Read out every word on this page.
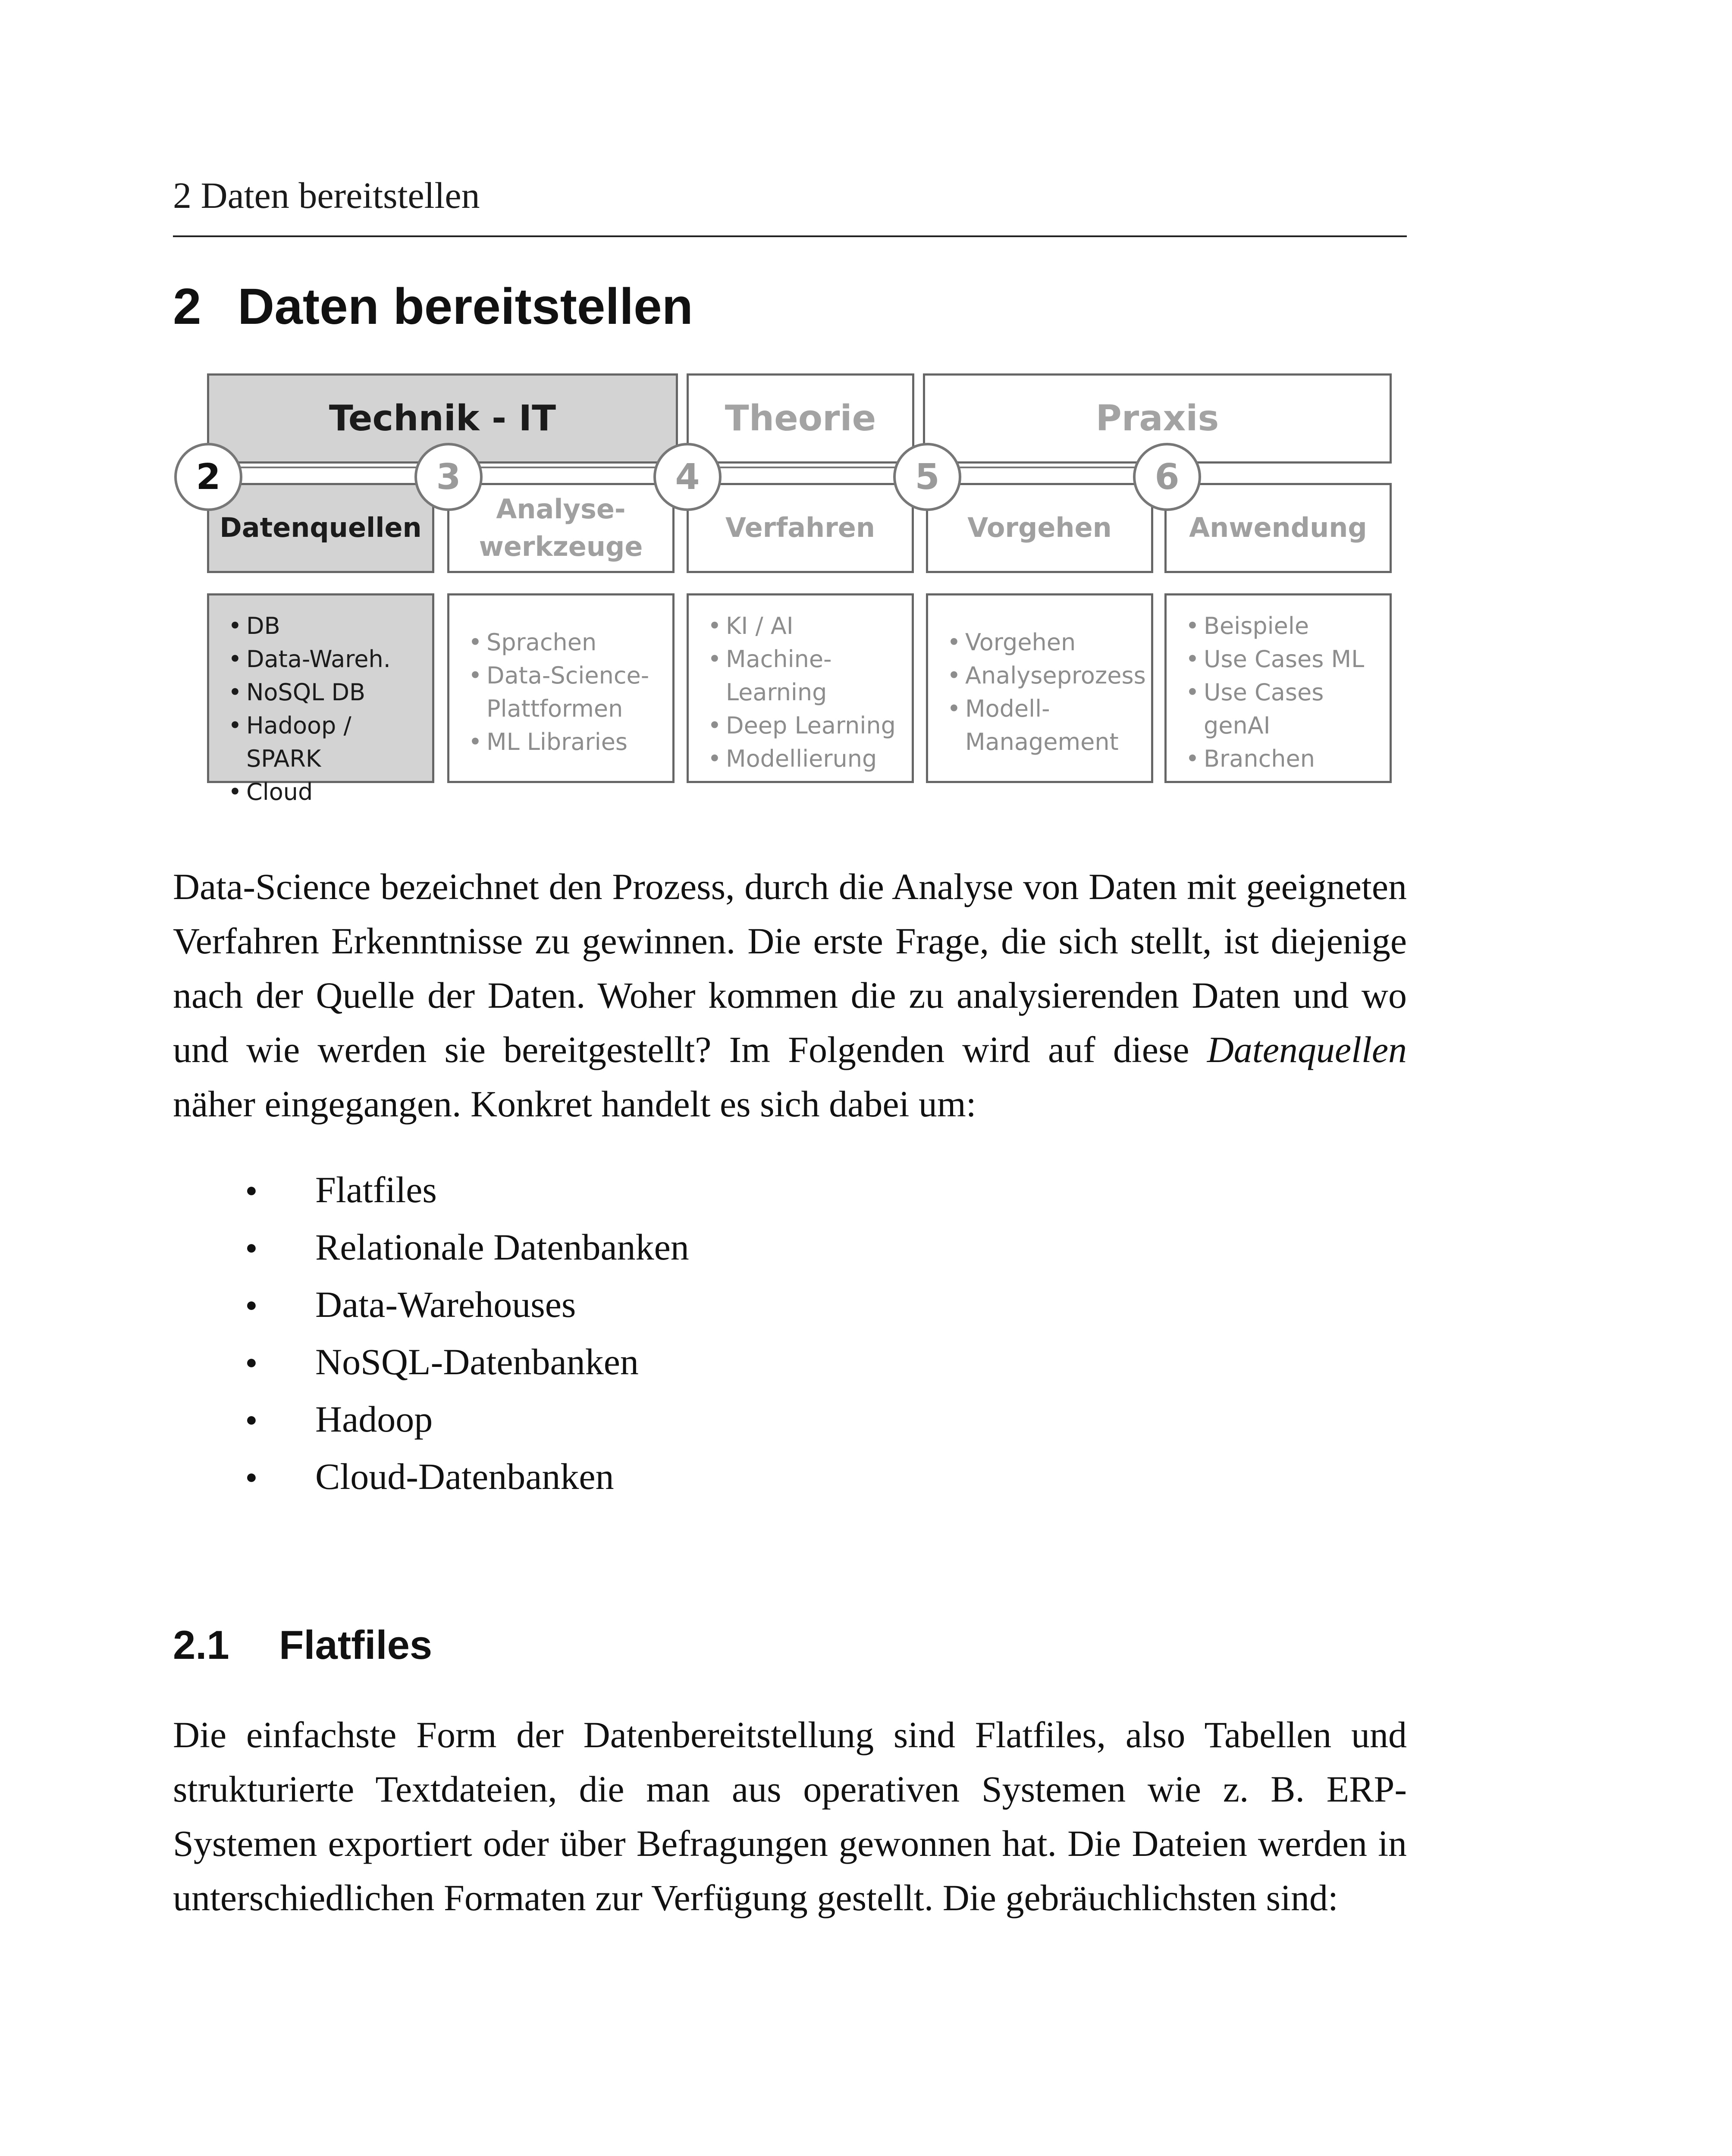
2 Daten bereitstellen
2 Daten bereitstellen
Technik - IT	Theorie	Praxis
Datenquellen
Analyse-
werkzeuge
Verfahren	Vorgehen	Anwendung
2	3	4	5	6
• DB
• Data-Wareh.
• NoSQL DB
• Hadoop / SPARK
• Cloud
• Sprachen
• Data-Science-
Plattformen
• ML Libraries
• KI / AI
• Machine-
Learning
• Deep Learning
• Modellierung
• Vorgehen
• Analyseprozess
• Modell-
Management
• Beispiele
• Use Cases ML
• Use Cases
genAI
• Branchen

Data-Science bezeichnet den Prozess, durch die Analyse von Daten mit geeigneten Verfahren Erkenntnisse zu gewinnen. Die erste Frage, die sich stellt, ist diejenige nach der Quelle der Daten. Woher kommen die zu analysierenden Daten und wo und wie werden sie bereitgestellt? Im Folgenden wird auf diese Datenquellen näher eingegangen. Konkret handelt es sich dabei um:

● Flatfiles
● Relationale Datenbanken
● Data-Warehouses
● NoSQL-Datenbanken
● Hadoop
● Cloud-Datenbanken
2.1 Flatfiles

Die einfachste Form der Datenbereitstellung sind Flatfiles, also Tabellen und strukturierte Textdateien, die man aus operativen Systemen wie z. B. ERP-Systemen exportiert oder über Befragungen gewonnen hat. Die Dateien werden in unterschiedlichen Formaten zur Verfügung gestellt. Die gebräuchlichsten sind:
